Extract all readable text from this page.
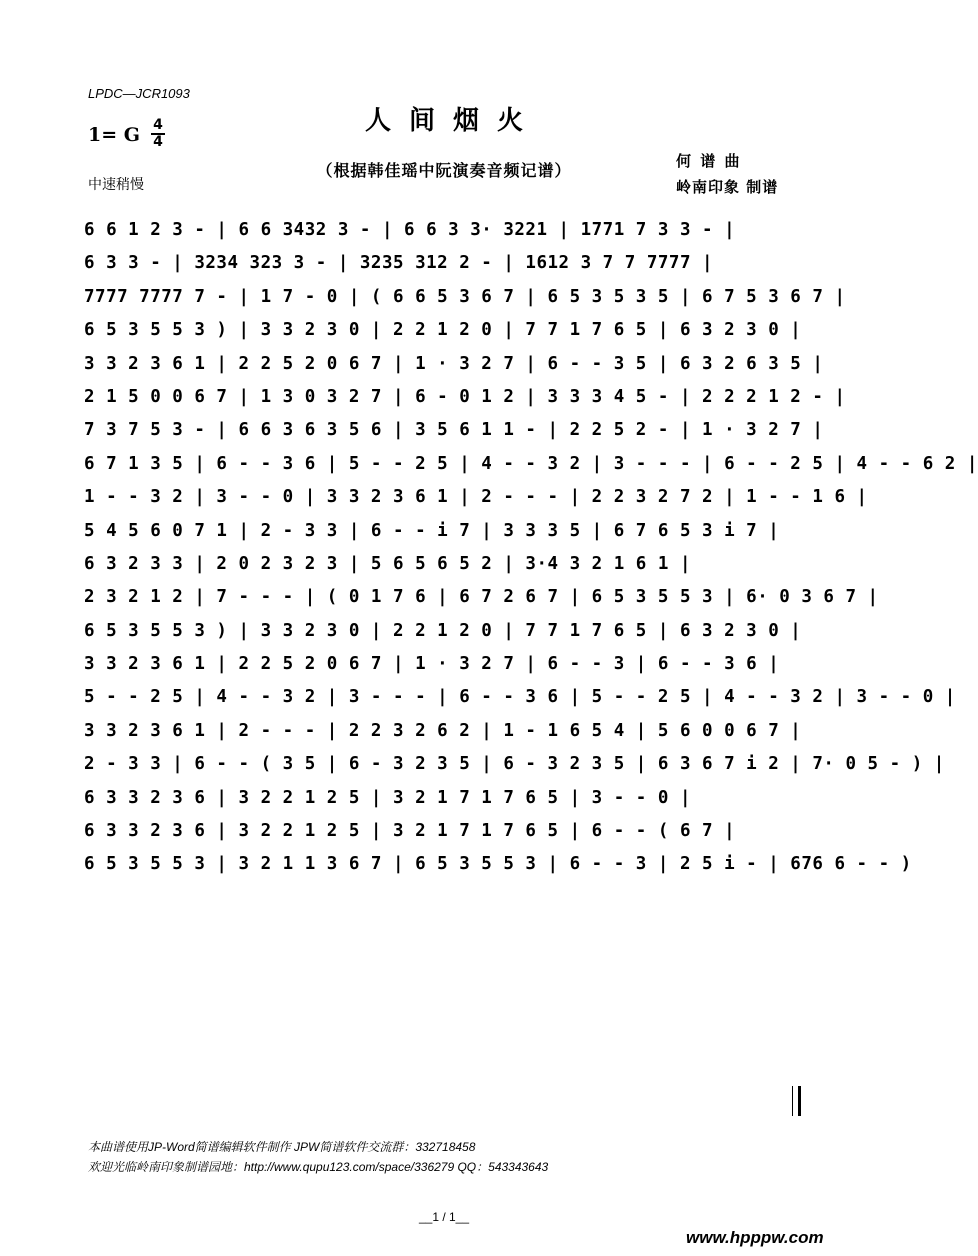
LPDC—JCR1093
1= G 4
4
中速稍慢
人间烟火
（根据韩佳瑶中阮演奏音频记谱）	何 谱 曲
岭南印象 制谱
6 6 1 2 3 - | 6 6 3432 3 - | 6 6 3 3· 3221 | 1771 7 3 3 - |
6 3 3 - | 3234 323 3 - | 3235 312 2 - | 1612 3 7 7 7777 |
7777 7777 7 - | 1 7 - 0 | ( 6 6 5 3 6 7 | 6 5 3 5 3 5 | 6 7 5 3 6 7 |
6 5 3 5 5 3 ) | 3 3 2 3 0 | 2 2 1 2 0 | 7 7 1 7 6 5 | 6 3 2 3 0 |
3 3 2 3 6 1 | 2 2 5 2 0 6 7 | 1 · 3 2 7 | 6 - - 3 5 | 6 3 2 6 3 5 |
2 1 5 0 0 6 7 | 1 3 0 3 2 7 | 6 - 0 1 2 | 3 3 3 4 5 - | 2 2 2 1 2 - |
7 3 7 5 3 - | 6 6 3 6 3 5 6 | 3 5 6 1 1 - | 2 2 5 2 - | 1 · 3 2 7 |
6 7 1 3 5 | 6 - - 3 6 | 5 - - 2 5 | 4 - - 3 2 | 3 - - - | 6 - - 2 5 | 4 - - 6 2 |
1 - - 3 2 | 3 - - 0 | 3 3 2 3 6 1 | 2 - - - | 2 2 3 2 7 2 | 1 - - 1 6 |
5 4 5 6 0 7 1 | 2 - 3 3 | 6 - - i 7 | 3 3 3 5 | 6 7 6 5 3 i 7 |
6 3 2 3 3 | 2 0 2 3 2 3 | 5 6 5 6 5 2 | 3·4 3 2 1 6 1 |
2 3 2 1 2 | 7 - - - | ( 0 1 7 6 | 6 7 2 6 7 | 6 5 3 5 5 3 | 6· 0 3 6 7 |
6 5 3 5 5 3 ) | 3 3 2 3 0 | 2 2 1 2 0 | 7 7 1 7 6 5 | 6 3 2 3 0 |
3 3 2 3 6 1 | 2 2 5 2 0 6 7 | 1 · 3 2 7 | 6 - - 3 | 6 - - 3 6 |
5 - - 2 5 | 4 - - 3 2 | 3 - - - | 6 - - 3 6 | 5 - - 2 5 | 4 - - 3 2 | 3 - - 0 |
3 3 2 3 6 1 | 2 - - - | 2 2 3 2 6 2 | 1 - 1 6 5 4 | 5 6 0 0 6 7 |
2 - 3 3 | 6 - - ( 3 5 | 6 - 3 2 3 5 | 6 - 3 2 3 5 | 6 3 6 7 i 2 | 7· 0 5 - ) |
6 3 3 2 3 6 | 3 2 2 1 2 5 | 3 2 1 7 1 7 6 5 | 3 - - 0 |
6 3 3 2 3 6 | 3 2 2 1 2 5 | 3 2 1 7 1 7 6 5 | 6 - - ( 6 7 |
6 5 3 5 5 3 | 3 2 1 1 3 6 7 | 6 5 3 5 5 3 | 6 - - 3 | 2 5 i - | 676 6 - - )
本曲谱使用JP-Word简谱编辑软件制作 JPW简谱软件交流群：332718458
欢迎光临岭南印象制谱园地：http://www.qupu123.com/space/336279 QQ：543343643
__1 / 1__
www.hpppw.com
